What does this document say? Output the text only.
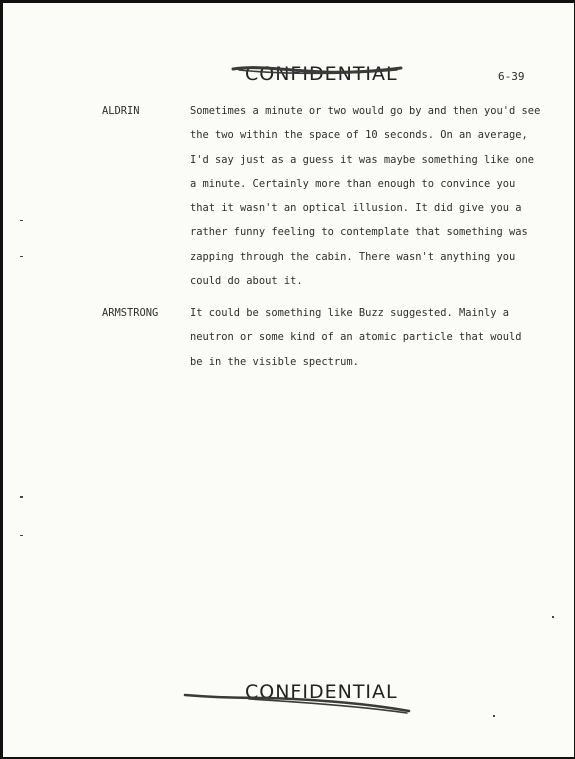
CONFIDENTIAL	6-39
ALDRIN	Sometimes a minute or two would go by and then you'd see
the two within the space of 10 seconds. On an average,
I'd say just as a guess it was maybe something like one
a minute. Certainly more than enough to convince you
that it wasn't an optical illusion. It did give you a
rather funny feeling to contemplate that something was
zapping through the cabin. There wasn't anything you
could do about it.
ARMSTRONG	It could be something like Buzz suggested. Mainly a
neutron or some kind of an atomic particle that would
be in the visible spectrum.
CONFIDENTIAL
